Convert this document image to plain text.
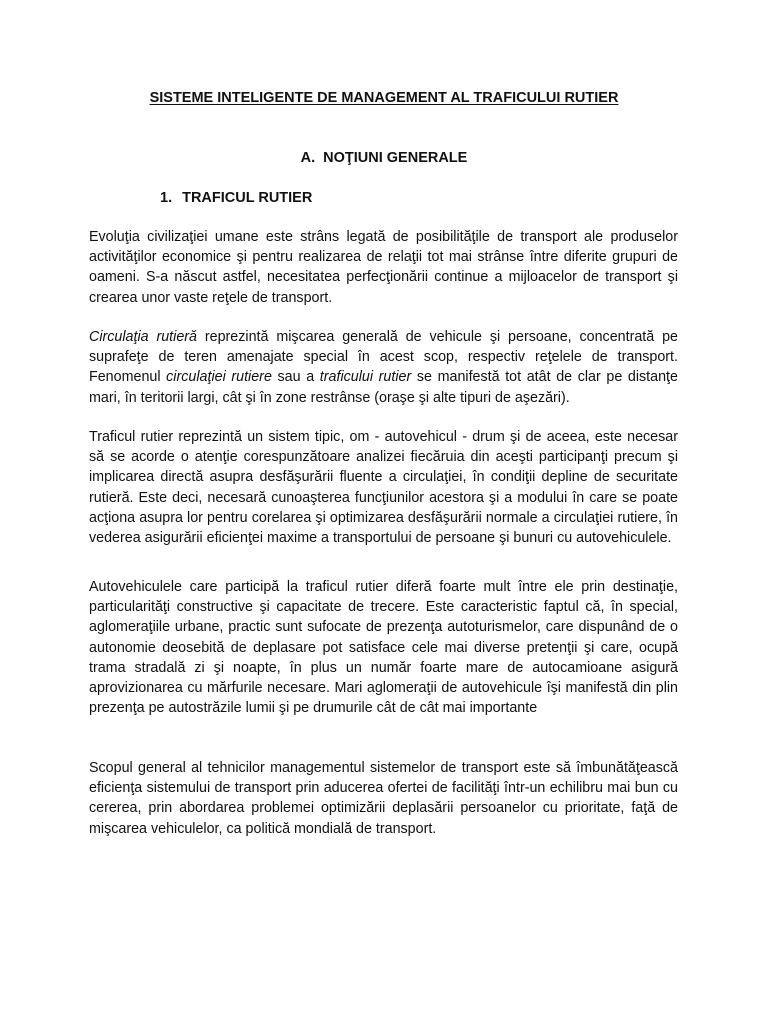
SISTEME INTELIGENTE DE MANAGEMENT AL TRAFICULUI RUTIER
A. NOŢIUNI GENERALE
1. TRAFICUL RUTIER

Evoluţia civilizaţiei umane este strâns legată de posibilităţile de transport ale produselor activităţilor economice şi pentru realizarea de relaţii tot mai strânse între diferite grupuri de oameni. S-a născut astfel, necesitatea perfecţionării continue a mijloacelor de transport şi crearea unor vaste reţele de transport.

Circulaţia rutieră reprezintă mişcarea generală de vehicule şi persoane, concentrată pe suprafeţe de teren amenajate special în acest scop, respectiv reţelele de transport. Fenomenul circulaţiei rutiere sau a traficului rutier se manifestă tot atât de clar pe distanţe mari, în teritorii largi, cât şi în zone restrânse (oraşe şi alte tipuri de aşezări).

Traficul rutier reprezintă un sistem tipic, om - autovehicul - drum şi de aceea, este necesar să se acorde o atenţie corespunzătoare analizei fiecăruia din aceşti participanţi precum şi implicarea directă asupra desfăşurării fluente a circulaţiei, în condiţii depline de securitate rutieră. Este deci, necesară cunoaşterea funcţiunilor acestora şi a modului în care se poate acţiona asupra lor pentru corelarea şi optimizarea desfăşurării normale a circulaţiei rutiere, în vederea asigurării eficienţei maxime a transportului de persoane şi bunuri cu autovehiculele.

Autovehiculele care participă la traficul rutier diferă foarte mult între ele prin destinaţie, particularităţi constructive şi capacitate de trecere. Este caracteristic faptul că, în special, aglomeraţiile urbane, practic sunt sufocate de prezenţa autoturismelor, care dispunând de o autonomie deosebită de deplasare pot satisface cele mai diverse pretenţii şi care, ocupă trama stradală zi şi noapte, în plus un număr foarte mare de autocamioane asigură aprovizionarea cu mărfurile necesare. Mari aglomeraţii de autovehicule îşi manifestă din plin prezenţa pe autostrăzile lumii şi pe drumurile cât de cât mai importante

Scopul general al tehnicilor managementul sistemelor de transport este să îmbunătăţească eficienţa sistemului de transport prin aducerea ofertei de facilităţi într-un echilibru mai bun cu cererea, prin abordarea problemei optimizării deplasării persoanelor cu prioritate, faţă de mişcarea vehiculelor, ca politică mondială de transport.
